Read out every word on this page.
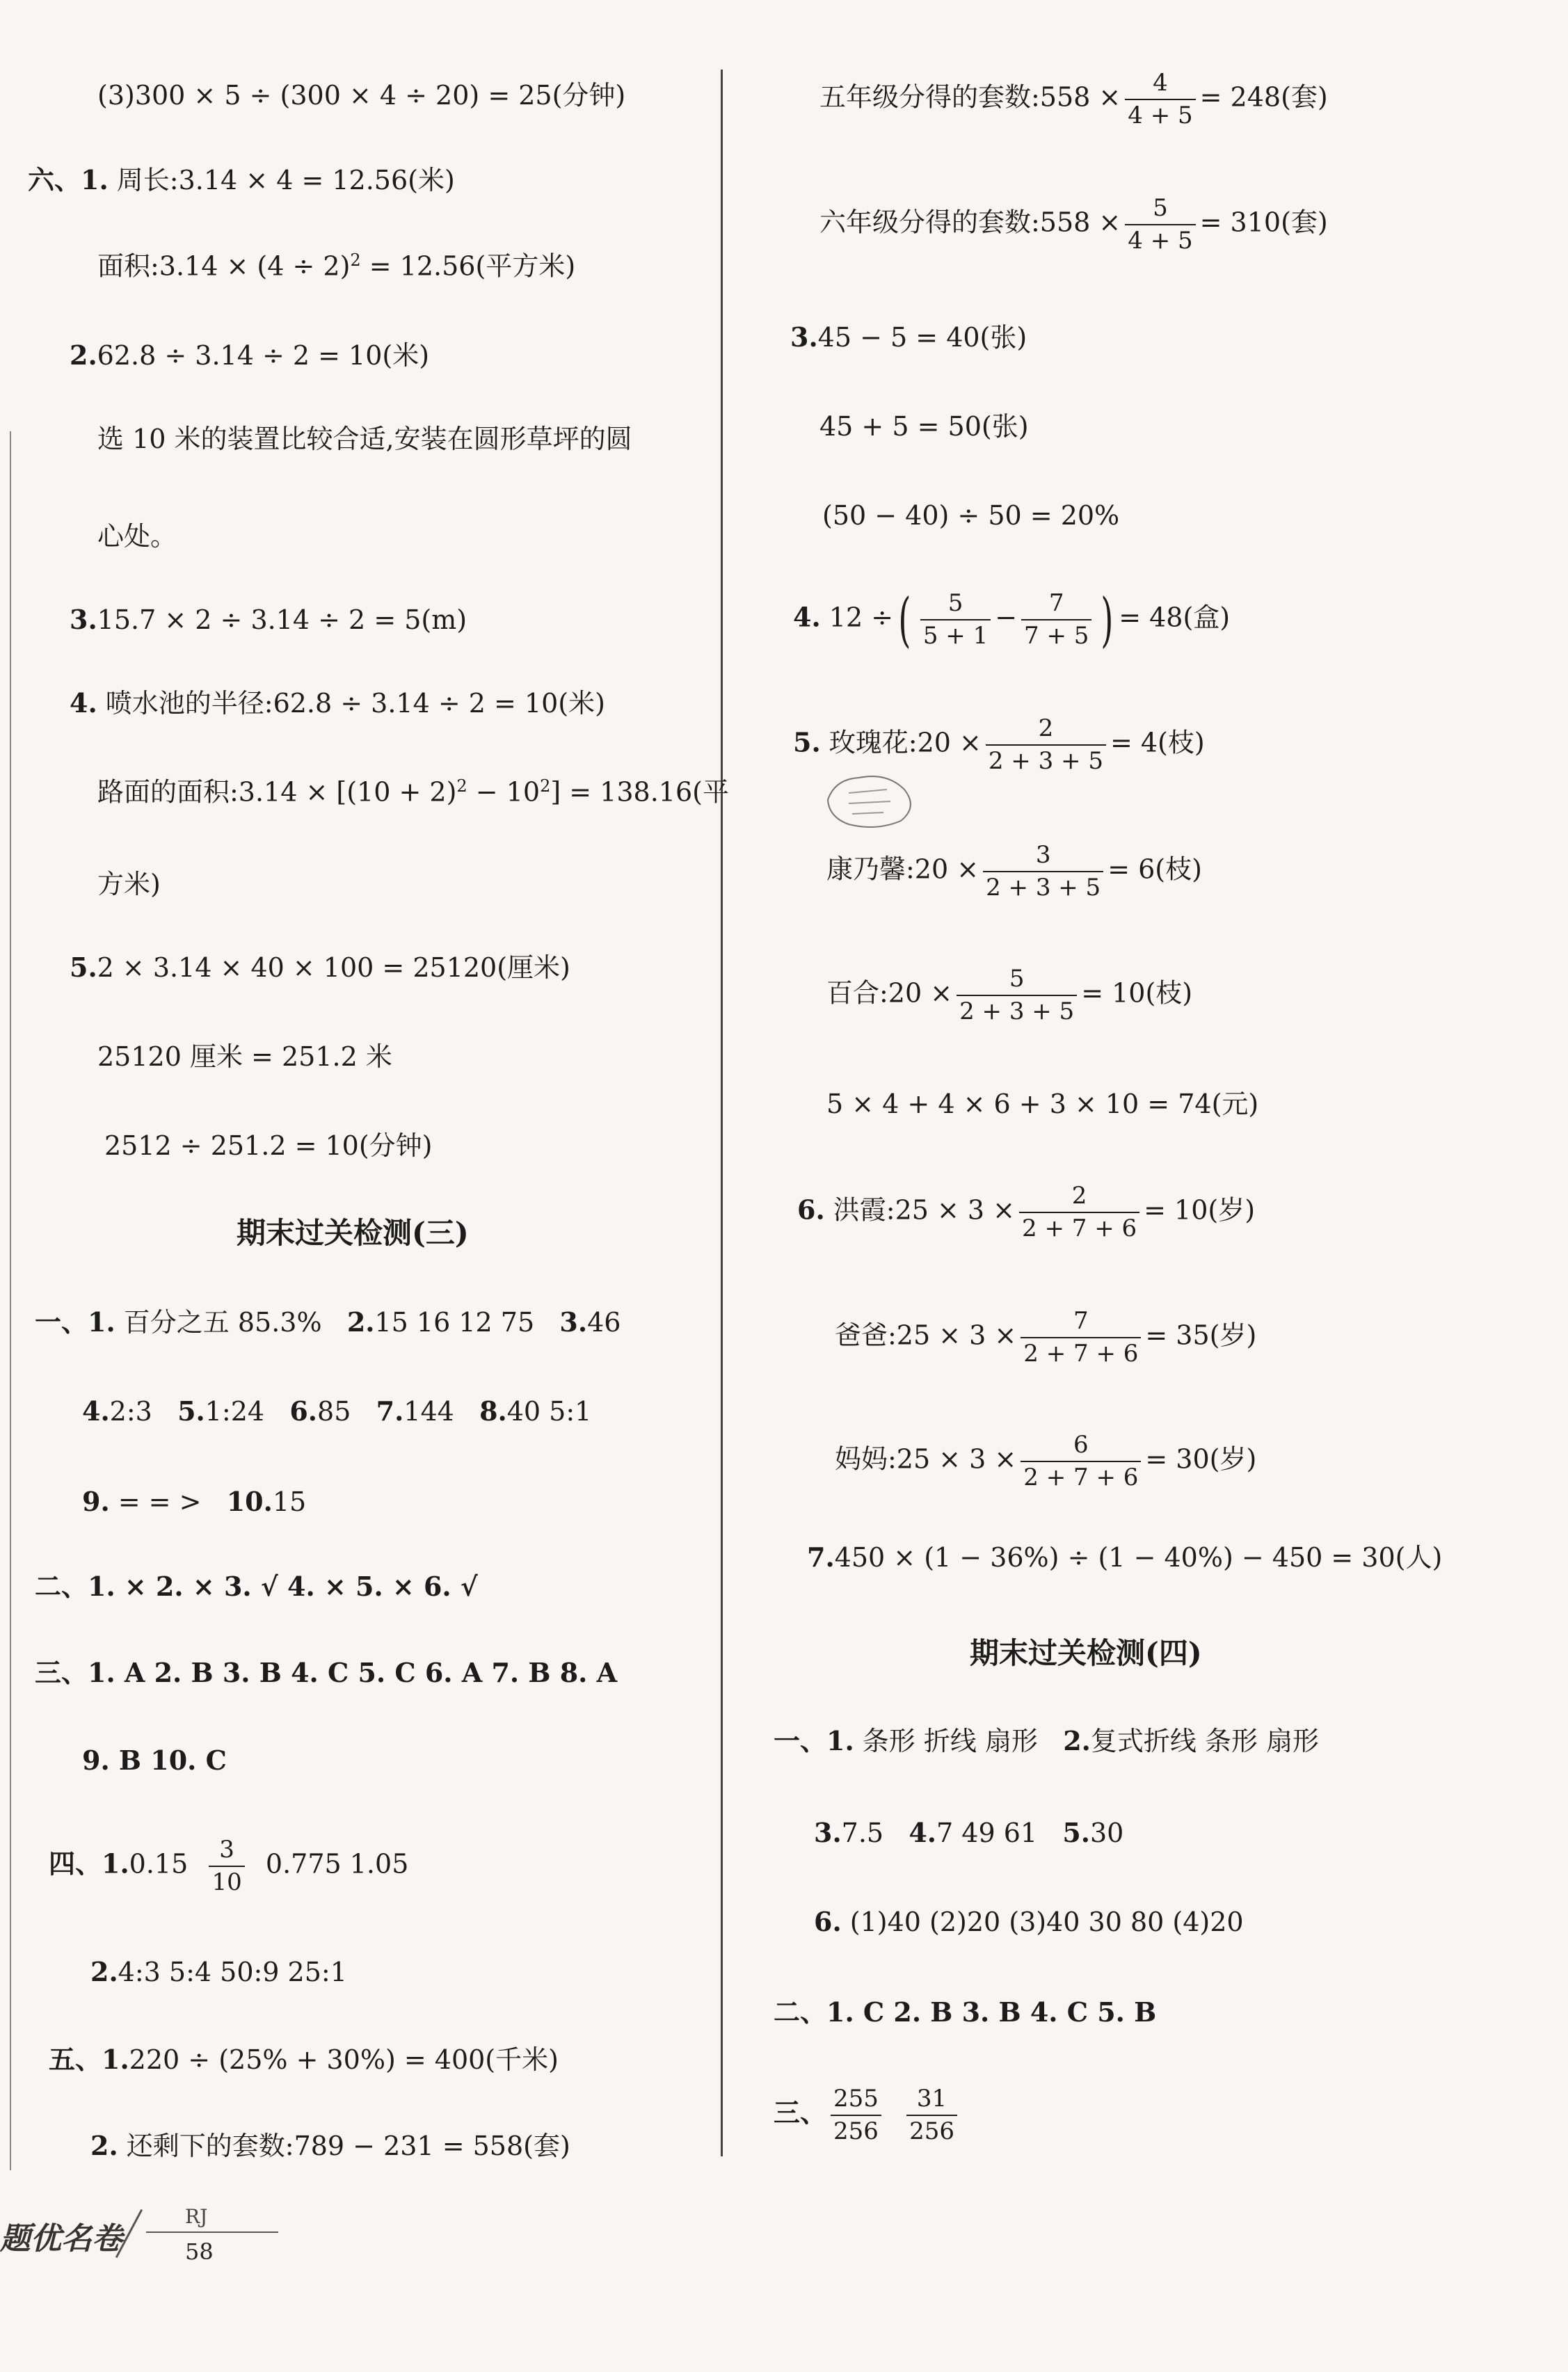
(3)300 × 5 ÷ (300 × 4 ÷ 20) = 25(分钟)
六、1. 周长:3.14 × 4 = 12.56(米)
面积:3.14 × $(4 \div 2)^2 = 12.56$(平方米)
2.62.8 ÷ 3.14 ÷ 2 = 10(米)
选 10 米的装置比较合适,安装在圆形草坪的圆
心处。
3.15.7 × 2 ÷ 3.14 ÷ 2 = 5(m)
4. 喷水池的半径:62.8 ÷ 3.14 ÷ 2 = 10(米)
路面的面积:3.14 × $[(10 + 2)^2 - 10^2] = 138.16$(平
方米)
5.2 × 3.14 × 40 × 100 = 25120(厘米)
25120 厘米 = 251.2 米
2512 ÷ 251.2 = 10(分钟)
期末过关检测(三)
一、1. 百分之五 85.3% 2.15 16 12 75 3.46
4.2:3 5.1:24 6.85 7.144 8.40 5:1
9. = = > 10.15
二、1. × 2. × 3. √ 4. × 5. × 6. √
三、1. A 2. B 3. B 4. C 5. C 6. A 7. B 8. A
9. B 10. C
四、$1.0.15 \frac{3}{10} 0.775$ 1.05
2.4:3 5:4 50:9 25:1
五、1.220 ÷ (25% + 30%) = 400(千米)
2. 还剩下的套数:789 − 231 = 558(套)
五年级分得的套数:558 × $\frac{4}{4 + 5} = 248$(套)
六年级分得的套数:558 × $\frac{5}{4 + 5} = 310$(套)
3.45 − 5 = 40(张)
45 + 5 = 50(张)
(50 − 40) ÷ 50 = 20%
4. 12 ÷( $\frac{5}{5 + 1} - \frac{7}{7 + 5}$ ) = 48(盒)
5. 玫瑰花:20 × $\frac{2}{2 + 3 + 5} = 4$(枝)
康乃馨:20 × $\frac{3}{2 + 3 + 5} = 6$(枝)
百合:20 × $\frac{5}{2 + 3 + 5} = 10$(枝)
5 × 4 + 4 × 6 + 3 × 10 = 74(元)
6. 洪霞:25 × $3 \times \frac{2}{2 + 7 + 6} = 10$(岁)
爸爸:25 × $3 \times \frac{7}{2 + 7 + 6} = 35$(岁)
妈妈:25 × $3 \times \frac{6}{2 + 7 + 6} = 30$(岁)
7.450 × (1 − 36%) ÷ (1 − 40%) − 450 = 30(人)
期末过关检测(四)
一、1. 条形 折线 扇形 2.复式折线 条形 扇形
3.7.5 4.7 49 61 5.30
6. (1)40 (2)20 (3)40 30 80 (4)20
二、1. C 2. B 3. B 4. C 5. B
三、 $\frac{255}{256}$
$\frac{31}{256}$
题优名卷
RJ
58
